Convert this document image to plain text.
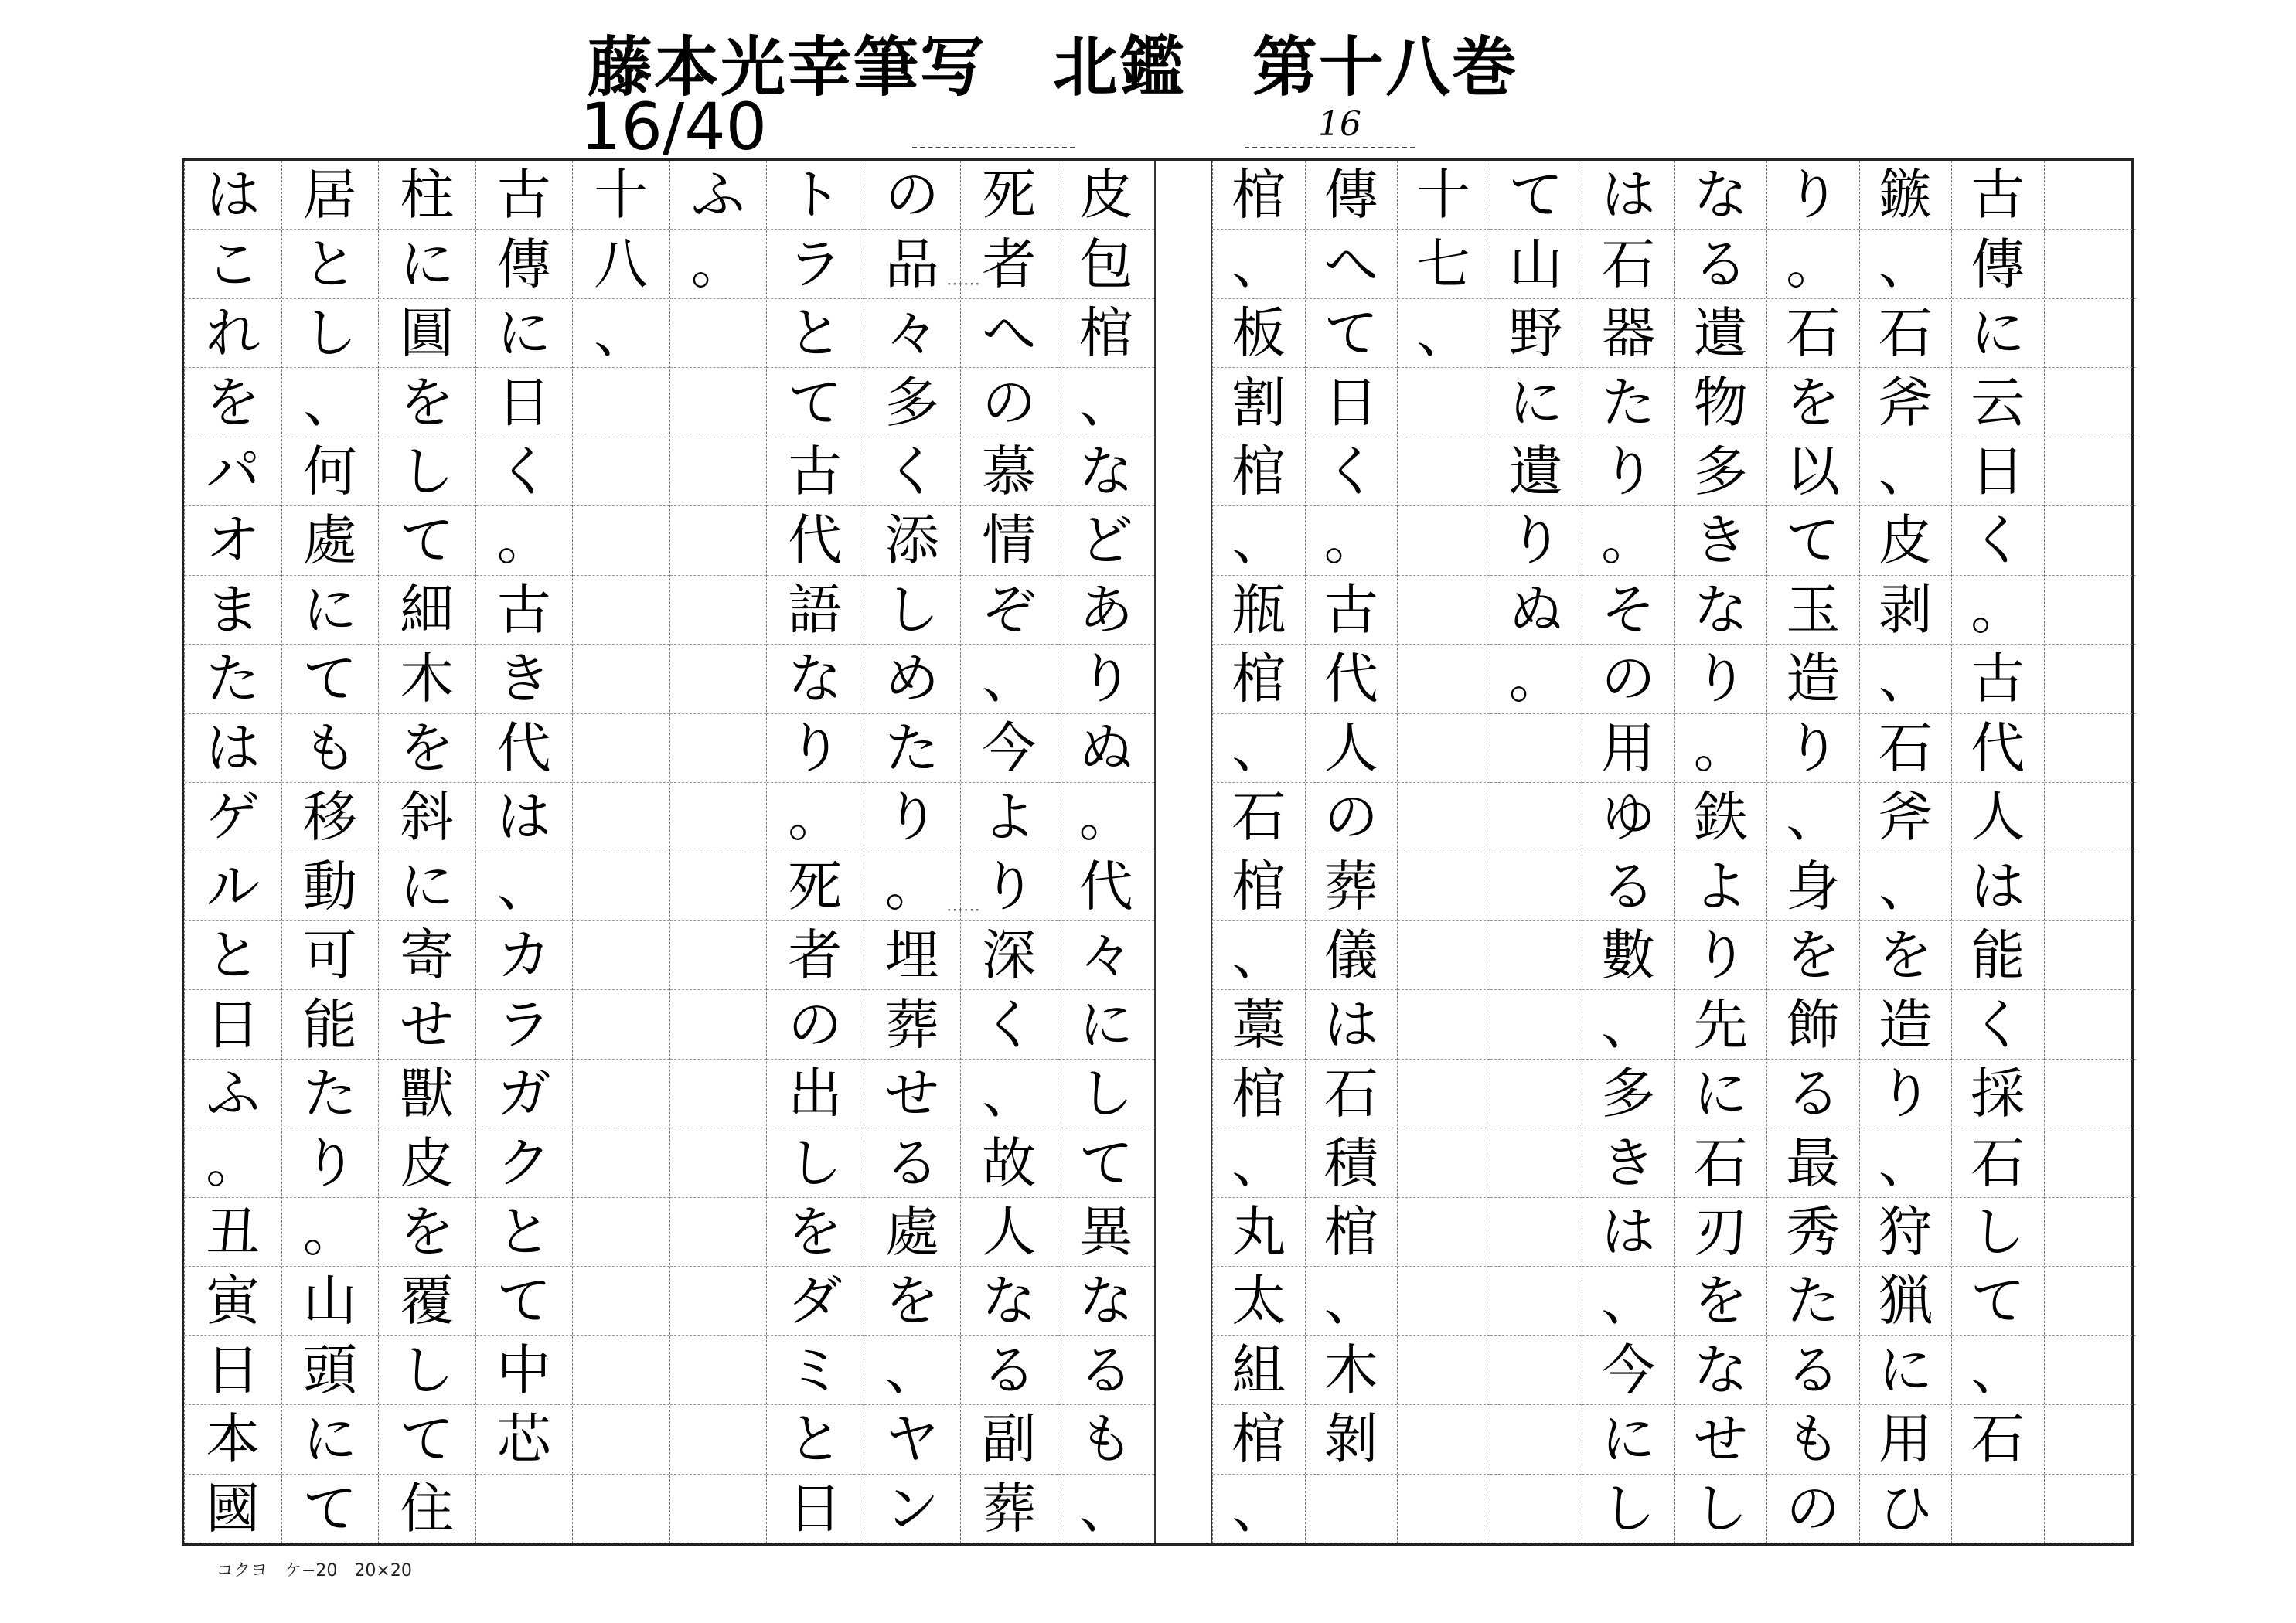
藤本光幸筆写　北鑑　第十八巻
16/40	16
古
傳
に
云
日
く
。
古
代
人
は
能
く
採
石
し
て
、
石
鏃
、
石
斧
、
皮
剥
、
石
斧
、
を
造
り
、
狩
猟
に
用
ひ
り
。
石
を
以
て
玉
造
り
、
身
を
飾
る
最
秀
た
る
も
の
な
る
遺
物
多
き
な
り
。
鉄
よ
り
先
に
石
刃
を
な
せ
し
は
石
器
た
り
。
そ
の
用
ゆ
る
數
、
多
き
は
、
今
に
し
て
山
野
に
遺
り
ぬ
。
十
七
、
傳
へ
て
日
く
。
古
代
人
の
葬
儀
は
石
積
棺
、
木
剝
棺
、
板
割
棺
、
瓶
棺
、
石
棺
、
藁
棺
、
丸
太
組
棺
、
皮
包
棺
、
な
ど
あ
り
ぬ
。
代
々
に
し
て
異
な
る
も
、
死
者
へ
の
慕
情
ぞ
、
今
よ
り
深
く
、
故
人
な
る
副
葬
の
品
々
多
く
添
し
め
た
り
。
埋
葬
せ
る
處
を
、
ヤ
ン
ト
ラ
と
て
古
代
語
な
り
。
死
者
の
出
し
を
ダ
ミ
と
日
ふ
。
十
八
、
古
傳
に
日
く
。
古
き
代
は
、
カ
ラ
ガ
ク
と
て
中
芯
柱
に
圓
を
し
て
細
木
を
斜
に
寄
せ
獸
皮
を
覆
し
て
住
居
と
し
、
何
處
に
て
も
移
動
可
能
た
り
。
山
頭
に
て
は
こ
れ
を
パ
オ
ま
た
は
ゲ
ル
と
日
ふ
。
丑
寅
日
本
國
⋯⋯
⋯⋯
コクヨ　ケ−20　20×20
